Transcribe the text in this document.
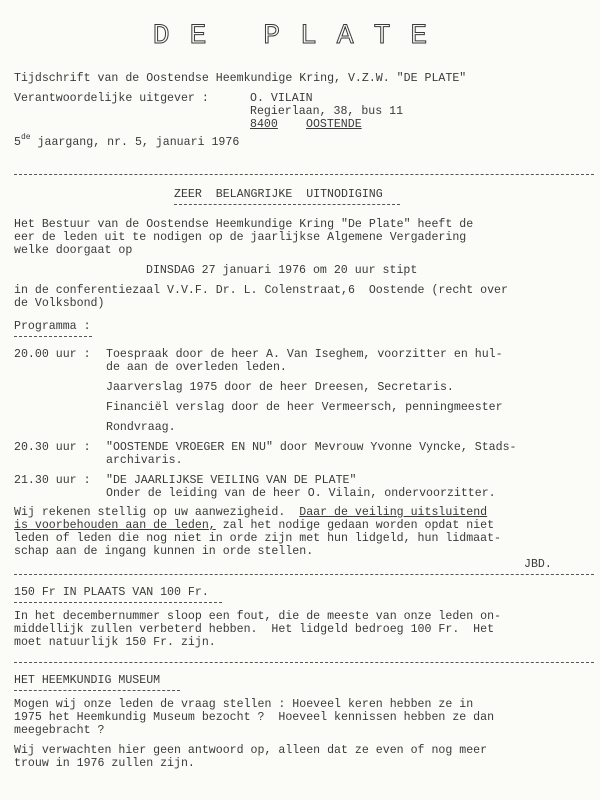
DE PLATE
Tijdschrift van de Oostendse Heemkundige Kring, V.Z.W. "DE PLATE"
Verantwoordelijke uitgever :	O. VILAIN
Regierlaan, 38, bus 11
8400 OOSTENDE
5de jaargang, nr. 5, januari 1976
ZEER  BELANGRIJKE  UITNODIGING
Het Bestuur van de Oostendse Heemkundige Kring "De Plate" heeft de
eer de leden uit te nodigen op de jaarlijkse Algemene Vergadering
welke doorgaat op
DINSDAG 27 januari 1976 om 20 uur stipt
in de conferentiezaal V.V.F. Dr. L. Colenstraat,6  Oostende (recht over
de Volksbond)
Programma :
20.00 uur : Toespraak door de heer A. Van Iseghem, voorzitter en hul-
de aan de overleden leden.
Jaarverslag 1975 door de heer Dreesen, Secretaris.
Financiël verslag door de heer Vermeersch, penningmeester
Rondvraag.
20.30 uur : "OOSTENDE VROEGER EN NU" door Mevrouw Yvonne Vyncke, Stads-
archivaris.
21.30 uur : "DE JAARLIJKSE VEILING VAN DE PLATE"
Onder de leiding van de heer O. Vilain, ondervoorzitter.
Wij rekenen stellig op uw aanwezigheid.  Daar de veiling uitsluitend
is voorbehouden aan de leden, zal het nodige gedaan worden opdat niet
leden of leden die nog niet in orde zijn met hun lidgeld, hun lidmaat-
schap aan de ingang kunnen in orde stellen.
JBD.
150 Fr IN PLAATS VAN 100 Fr.
In het decembernummer sloop een fout, die de meeste van onze leden on-
middellijk zullen verbeterd hebben.  Het lidgeld bedroeg 100 Fr.  Het
moet natuurlijk 150 Fr. zijn.
HET HEEMKUNDIG MUSEUM
Mogen wij onze leden de vraag stellen : Hoeveel keren hebben ze in
1975 het Heemkundig Museum bezocht ?  Hoeveel kennissen hebben ze dan
meegebracht ?
Wij verwachten hier geen antwoord op, alleen dat ze even of nog meer
trouw in 1976 zullen zijn.
